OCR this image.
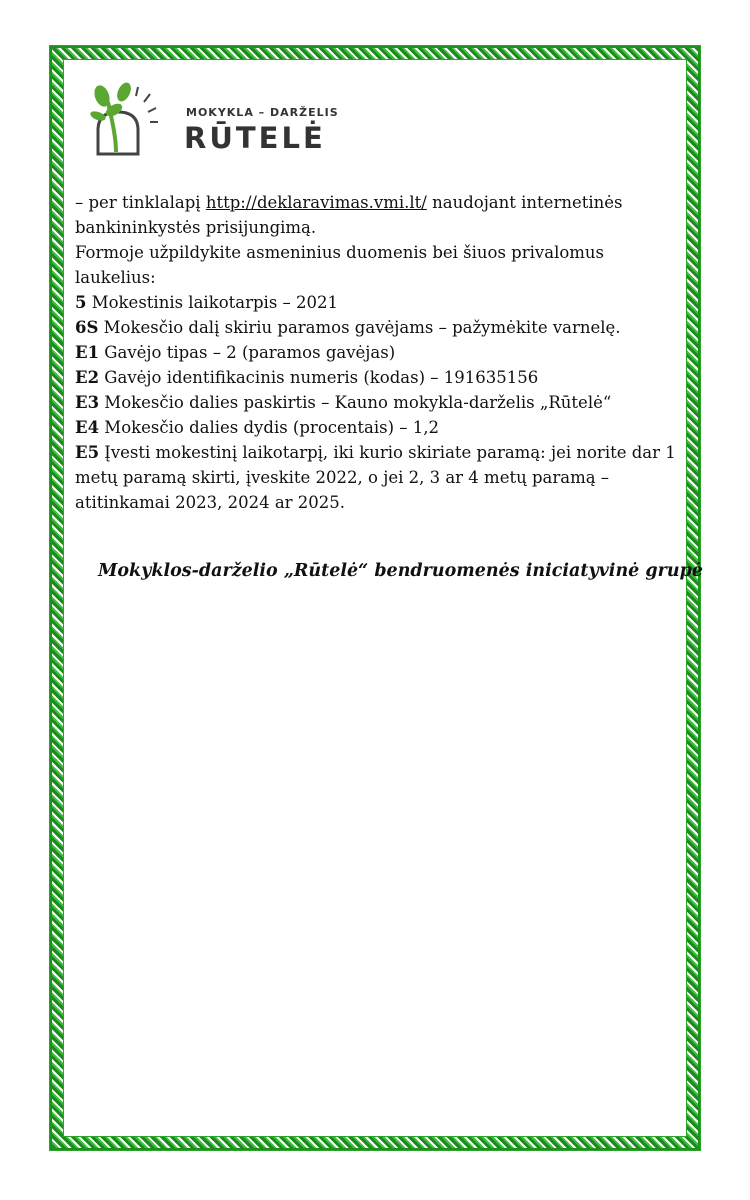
MOKYKLA – DARŽELIS
RŪTELĖ

– per tinklalapį http://deklaravimas.vmi.lt/ naudojant internetinės bankininkystės prisijungimą.

Formoje užpildykite asmeninius duomenis bei šiuos privalomus laukelius:

5 Mokestinis laikotarpis – 2021

6S Mokesčio dalį skiriu paramos gavėjams – pažymėkite varnelę.

E1 Gavėjo tipas – 2 (paramos gavėjas)

E2 Gavėjo identifikacinis numeris (kodas) – 191635156

E3 Mokesčio dalies paskirtis – Kauno mokykla-darželis „Rūtelė“

E4 Mokesčio dalies dydis (procentais) – 1,2

E5 Įvesti mokestinį laikotarpį, iki kurio skiriate paramą: jei norite dar 1 metų paramą skirti, įveskite 2022, o jei 2, 3 ar 4 metų paramą – atitinkamai 2023, 2024 ar 2025.

Mokyklos-darželio „Rūtelė“ bendruomenės iniciatyvinė grupė
